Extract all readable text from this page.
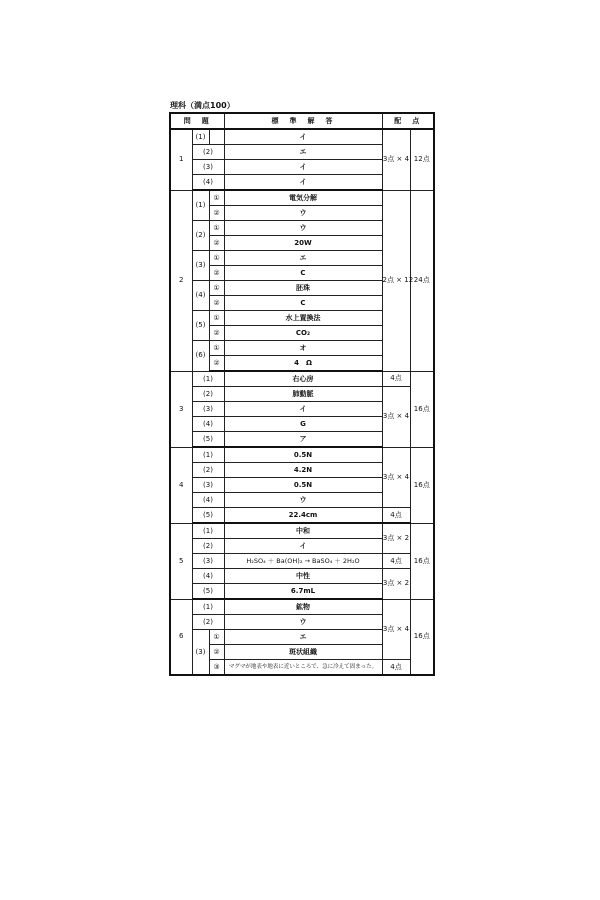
理科（満点100）
問　題			標　準　解　答	配　点	
1	(1)		イ	3点 × 4	12点
	(2)		エ		
	(3)		イ		
	(4)		イ		
2	(1)	①	電気分解	2点 × 12	24点
		②	ウ		
	(2)	①	ウ		
		②	20W		
	(3)	①	エ		
		②	C		
	(4)	①	胚珠		
		②	C		
	(5)	①	水上置換法		
		②	CO₂		
	(6)	①	オ		
		②	4　Ω		
3	(1)		右心房	4点	16点
	(2)		肺動脈	3点 × 4	
	(3)		イ		
	(4)		G		
	(5)		ア		
4	(1)		0.5N	3点 × 4	16点
	(2)		4.2N		
	(3)		0.5N		
	(4)		ウ		
	(5)		22.4cm	4点	
5	(1)		中和	3点 × 2	16点
	(2)		イ		
	(3)		H₂SO₄ ＋ Ba(OH)₂ → BaSO₄ ＋ 2H₂O	4点	
	(4)		中性	3点 × 2	
	(5)		6.7mL		
6	(1)		鉱物	3点 × 4	16点
	(2)		ウ		
	(3)	①	エ		
		②	斑状組織		
		③	マグマが地表や地表に近いところで、急に冷えて固まった。	4点	
